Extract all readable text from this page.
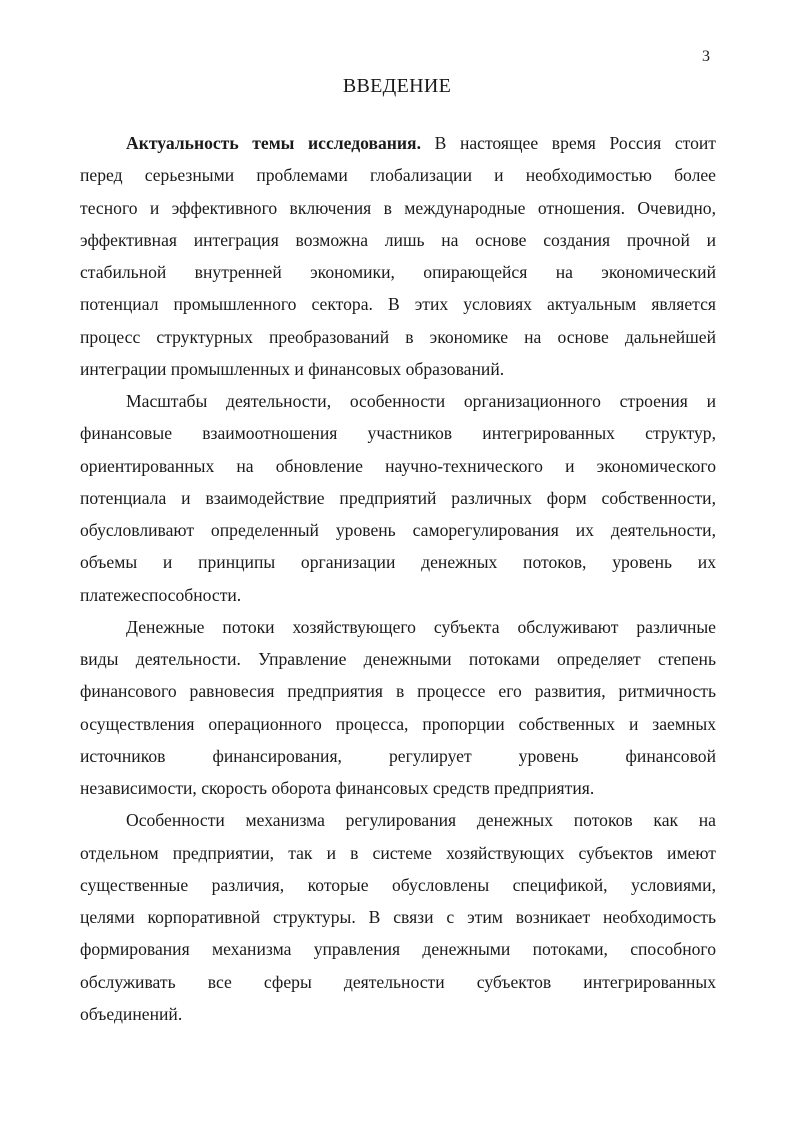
3
ВВЕДЕНИЕ
Актуальность темы исследования. В настоящее время Россия стоит
перед серьезными проблемами глобализации и необходимостью более
тесного и эффективного включения в международные отношения. Очевидно,
эффективная интеграция возможна лишь на основе создания прочной и
стабильной внутренней экономики, опирающейся на экономический
потенциал промышленного сектора. В этих условиях актуальным является
процесс структурных преобразований в экономике на основе дальнейшей
интеграции промышленных и финансовых образований.
Масштабы деятельности, особенности организационного строения и
финансовые взаимоотношения участников интегрированных структур,
ориентированных на обновление научно-технического и экономического
потенциала и взаимодействие предприятий различных форм собственности,
обусловливают определенный уровень саморегулирования их деятельности,
объемы и принципы организации денежных потоков, уровень их
платежеспособности.
Денежные потоки хозяйствующего субъекта обслуживают различные
виды деятельности. Управление денежными потоками определяет степень
финансового равновесия предприятия в процессе его развития, ритмичность
осуществления операционного процесса, пропорции собственных и заемных
источников финансирования, регулирует уровень финансовой
независимости, скорость оборота финансовых средств предприятия.
Особенности механизма регулирования денежных потоков как на
отдельном предприятии, так и в системе хозяйствующих субъектов имеют
существенные различия, которые обусловлены спецификой, условиями,
целями корпоративной структуры. В связи с этим возникает необходимость
формирования механизма управления денежными потоками, способного
обслуживать все сферы деятельности субъектов интегрированных
объединений.
